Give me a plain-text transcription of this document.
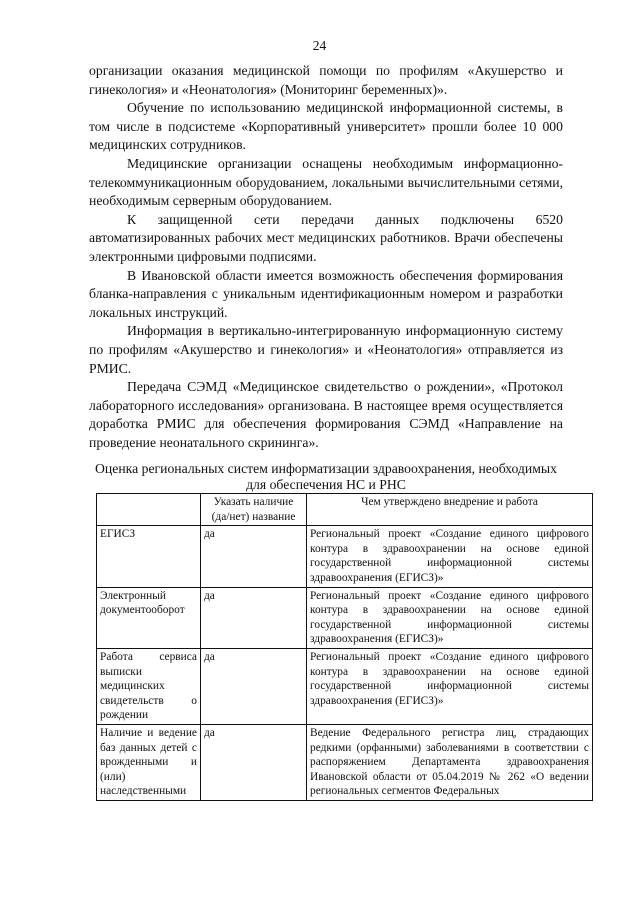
24

организации оказания медицинской помощи по профилям «Акушерство и гинекология» и «Неонатология» (Мониторинг беременных)».

Обучение по использованию медицинской информационной системы, в том числе в подсистеме «Корпоративный университет» прошли более 10 000 медицинских сотрудников.

Медицинские организации оснащены необходимым информационно-телекоммуникационным оборудованием, локальными вычислительными сетями, необходимым серверным оборудованием.

К защищенной сети передачи данных подключены 6520 автоматизированных рабочих мест медицинских работников. Врачи обеспечены электронными цифровыми подписями.

В Ивановской области имеется возможность обеспечения формирования бланка-направления с уникальным идентификационным номером и разработки локальных инструкций.

Информация в вертикально-интегрированную информационную систему по профилям «Акушерство и гинекология» и «Неонатология» отправляется из РМИС.

Передача СЭМД «Медицинское свидетельство о рождении», «Протокол лабораторного исследования» организована. В настоящее время осуществляется доработка РМИС для обеспечения формирования СЭМД «Направление на проведение неонатального скрининга».

Оценка региональных систем информатизации здравоохранения, необходимых для обеспечения НС и РНС

	Указать наличие (да/нет) название	Чем утверждено внедрение и работа
ЕГИСЗ	да	Региональный проект «Создание единого цифрового контура в здравоохранении на основе единой государственной информационной системы здравоохранения (ЕГИСЗ)»
Электронный документооборот	да	Региональный проект «Создание единого цифрового контура в здравоохранении на основе единой государственной информационной системы здравоохранения (ЕГИСЗ)»
Работа сервиса выписки медицинских свидетельств о рождении	да	Региональный проект «Создание единого цифрового контура в здравоохранении на основе единой государственной информационной системы здравоохранения (ЕГИСЗ)»
Наличие и ведение баз данных детей с врожденными и (или) наследственными	да	Ведение Федерального регистра лиц, страдающих редкими (орфанными) заболеваниями в соответствии с распоряжением Департамента здравоохранения Ивановской области от 05.04.2019 № 262 «О ведении региональных сегментов Федеральных
